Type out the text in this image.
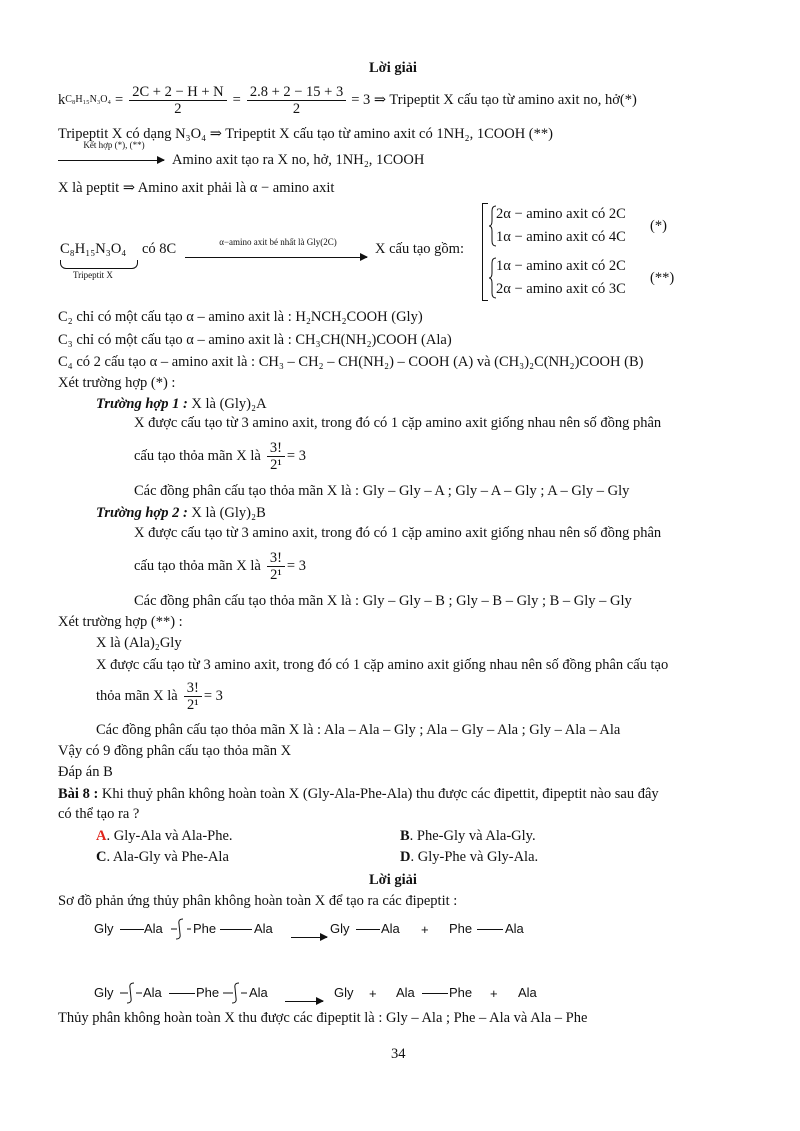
Lời giải
k $C_8H_{15}N_3O_4 = \frac{2C + 2 - H + N}{2} = \frac{2.8 + 2 - 15 + 3}{2} = 3$ ⇒ Tripeptit X cấu tạo từ amino axit no, hở(*)
Tripeptit X có dạng N₃O₄ ⇒ Tripeptit X cấu tạo từ amino axit có 1NH₂, 1COOH (**)
Kết hợp (*), (**)
Amino axit tạo ra X no, hở, 1NH₂, 1COOH
X là peptit ⇒ Amino axit phải là α − amino axit
C₈H₁₅N₃O₄
Tripeptit X
có 8C	α−amino axit bé nhất là Gly(2C)	X cấu tạo gồm:
2α − amino axit có 2C
1α − amino axit có 4C
(*)
1α − amino axit có 2C
2α − amino axit có 3C
(**)
C₂ chỉ có một cấu tạo α – amino axit là : H₂NCH₂COOH (Gly)
C₃ chỉ có một cấu tạo α – amino axit là : CH₃CH(NH₂)COOH (Ala)
C₄ có 2 cấu tạo α – amino axit là : CH₃ – CH₂ – CH(NH₂) – COOH (A) và (CH₃)₂C(NH₂)COOH (B)
Xét trường hợp (*) :
Trường hợp 1 : X là (Gly)₂A
X được cấu tạo từ 3 amino axit, trong đó có 1 cặp amino axit giống nhau nên số đồng phân
cấu tạo thỏa mãn X là $\frac{3!}{\text{2¹}} = 3$
Các đồng phân cấu tạo thỏa mãn X là : Gly – Gly – A ; Gly – A – Gly ; A – Gly – Gly
Trường hợp 2 : X là (Gly)₂B
X được cấu tạo từ 3 amino axit, trong đó có 1 cặp amino axit giống nhau nên số đồng phân
cấu tạo thỏa mãn X là $\frac{3!}{\text{2¹}} = 3$
Các đồng phân cấu tạo thỏa mãn X là : Gly – Gly – B ; Gly – B – Gly ; B – Gly – Gly
Xét trường hợp (**) :
X là (Ala)₂Gly
X được cấu tạo từ 3 amino axit, trong đó có 1 cặp amino axit giống nhau nên số đồng phân cấu tạo
thỏa mãn X là $\frac{3!}{\text{2¹}} = 3$
Các đồng phân cấu tạo thỏa mãn X là : Ala – Ala – Gly ; Ala – Gly – Ala ; Gly – Ala – Ala
Vậy có 9 đồng phân cấu tạo thỏa mãn X
Đáp án B
Bài 8 : Khi thuỷ phân không hoàn toàn X (Gly-Ala-Phe-Ala) thu được các đipettit, đipeptit nào sau đây
có thể tạo ra ?
A. Gly-Ala và Ala-Phe.	B. Phe-Gly và Ala-Gly.
C. Ala-Gly và Phe-Ala	D. Gly-Phe và Gly-Ala.
Lời giải
Sơ đồ phản ứng thủy phân không hoàn toàn X để tạo ra các đipeptit :
Gly Ala Phe	Ala	Gly Ala + Phe	Ala
Gly Ala	Phe Ala	Gly + Ala	Phe + Ala
Thủy phân không hoàn toàn X thu được các đipeptit là : Gly – Ala ; Phe – Ala và Ala – Phe
34
